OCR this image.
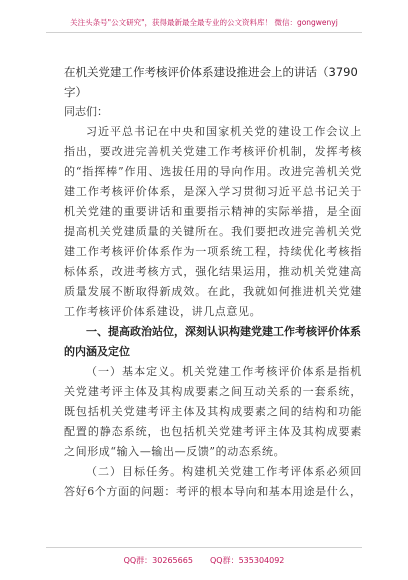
关注头条号"公文研究"，获得最新最全最专业的公文资料库！ 微信：gongwenyj
在机关党建工作考核评价体系建设推进会上的讲话（3790字）

同志们：

习近平总书记在中央和国家机关党的建设工作会议上指出，要改进完善机关党建工作考核评价机制，发挥考核的“指挥棒”作用、选拔任用的导向作用。改进完善机关党建工作考核评价体系，是深入学习贯彻习近平总书记关于机关党建的重要讲话和重要指示精神的实际举措，是全面提高机关党建质量的关键所在。我们要把改进完善机关党建工作考核评价体系作为一项系统工程，持续优化考核指标体系，改进考核方式，强化结果运用，推动机关党建高质量发展不断取得新成效。在此，我就如何推进机关党建工作考核评价体系建设，讲几点意见。

一、提高政治站位，深刻认识构建党建工作考核评价体系的内涵及定位

（一）基本定义。机关党建工作考核评价体系是指机关党建考评主体及其构成要素之间互动关系的一套系统，既包括机关党建考评主体及其构成要素之间的结构和功能配置的静态系统，也包括机关党建考评主体及其构成要素之间形成“输入—输出—反馈”的动态系统。

（二）目标任务。构建机关党建工作考评体系必须回答好6个方面的问题：考评的根本导向和基本用途是什么，

QQ群：30265665 QQ群：535304092
